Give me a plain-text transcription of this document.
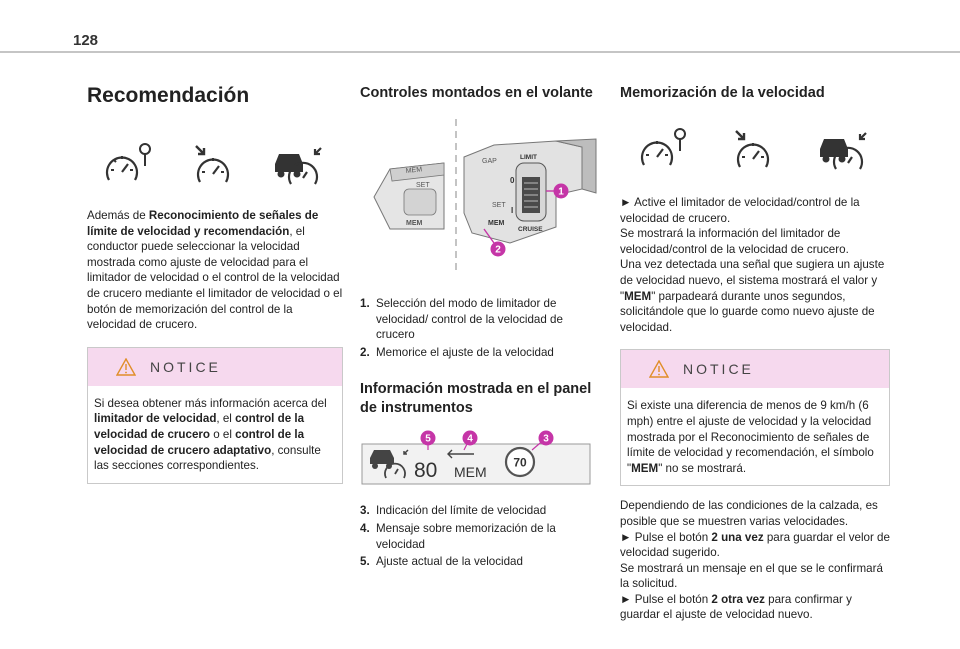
128
Recomendación

Además de Reconocimiento de señales de límite de velocidad y recomendación, el conductor puede seleccionar la velocidad mostrada como ajuste de velocidad para el limitador de velocidad o el control de la velocidad de crucero mediante el limitador de velocidad o el botón de memorización del control de la velocidad de crucero.

NOTICE
Si desea obtener más información acerca del limitador de velocidad, el control de la velocidad de crucero o el control de la velocidad de crucero adaptativo, consulte las secciones correspondientes.
Controles montados en el volante
MEM
SET
MEM
LIMIT
CRUISE
0
I
GAP
MEM
SET
1
2
1. Selección del modo de limitador de velocidad/ control de la velocidad de crucero
2. Memorice el ajuste de la velocidad
Información mostrada en el panel de instrumentos
80 MEM
70
5	4	3
3. Indicación del límite de velocidad
4. Mensaje sobre memorización de la velocidad
5. Ajuste actual de la velocidad
Memorización de la velocidad

► Active el limitador de velocidad/control de la velocidad de crucero.
Se mostrará la información del limitador de velocidad/control de la velocidad de crucero.
Una vez detectada una señal que sugiera un ajuste de velocidad nuevo, el sistema mostrará el valor y "MEM" parpadeará durante unos segundos, solicitándole que lo guarde como nuevo ajuste de velocidad.

NOTICE
Si existe una diferencia de menos de 9 km/h (6 mph) entre el ajuste de velocidad y la velocidad mostrada por el Reconocimiento de señales de límite de velocidad y recomendación, el símbolo "MEM" no se mostrará.

Dependiendo de las condiciones de la calzada, es posible que se muestren varias velocidades.
► Pulse el botón 2 una vez para guardar el velor de velocidad sugerido.
Se mostrará un mensaje en el que se le confirmará la solicitud.
► Pulse el botón 2 otra vez para confirmar y guardar el ajuste de velocidad nuevo.
